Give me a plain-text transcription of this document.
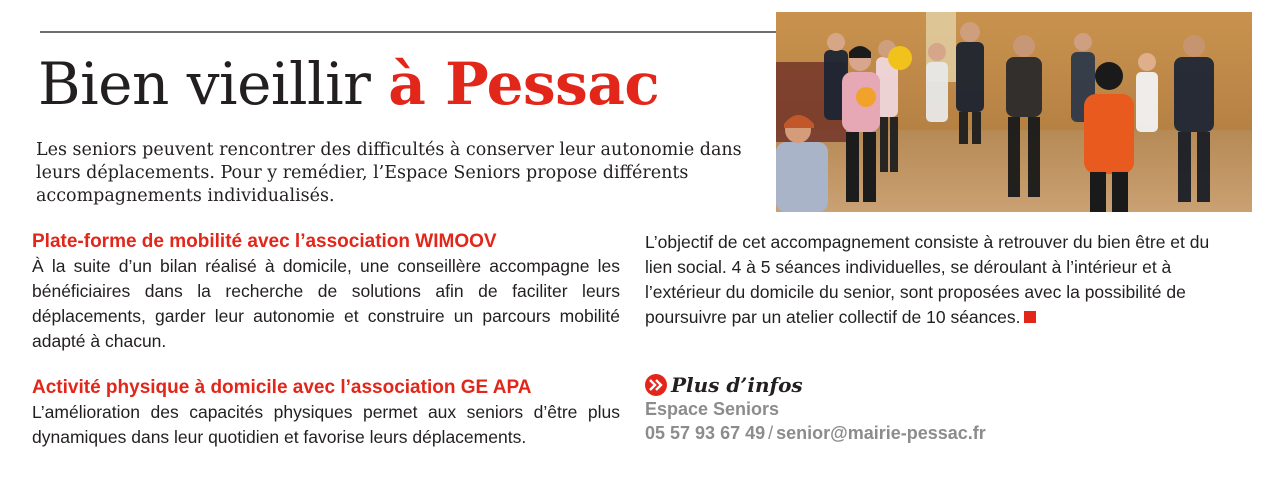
Bien vieillir à Pessac

Les seniors peuvent rencontrer des difficultés à conserver leur autonomie dans leurs déplacements. Pour y remédier, l’Espace Seniors propose différents accompagnements individualisés.

Plate-forme de mobilité avec l’association WIMOOV

À la suite d’un bilan réalisé à domicile, une conseillère accompagne les bénéficiaires dans la recherche de solutions afin de faciliter leurs déplacements, garder leur autonomie et construire un parcours mobilité adapté à chacun.

Activité physique à domicile avec l’association GE APA

L’amélioration des capacités physiques permet aux seniors d’être plus dynamiques dans leur quotidien et favorise leurs déplacements.

L’objectif de cet accompagnement consiste à retrouver du bien être et du lien social. 4 à 5 séances individuelles, se déroulant à l’intérieur et à l’extérieur du domicile du senior, sont proposées avec la possibilité de poursuivre par un atelier collectif de 10 séances.

Plus d’infos
Espace Seniors
05 57 93 67 49 / senior@mairie-pessac.fr
